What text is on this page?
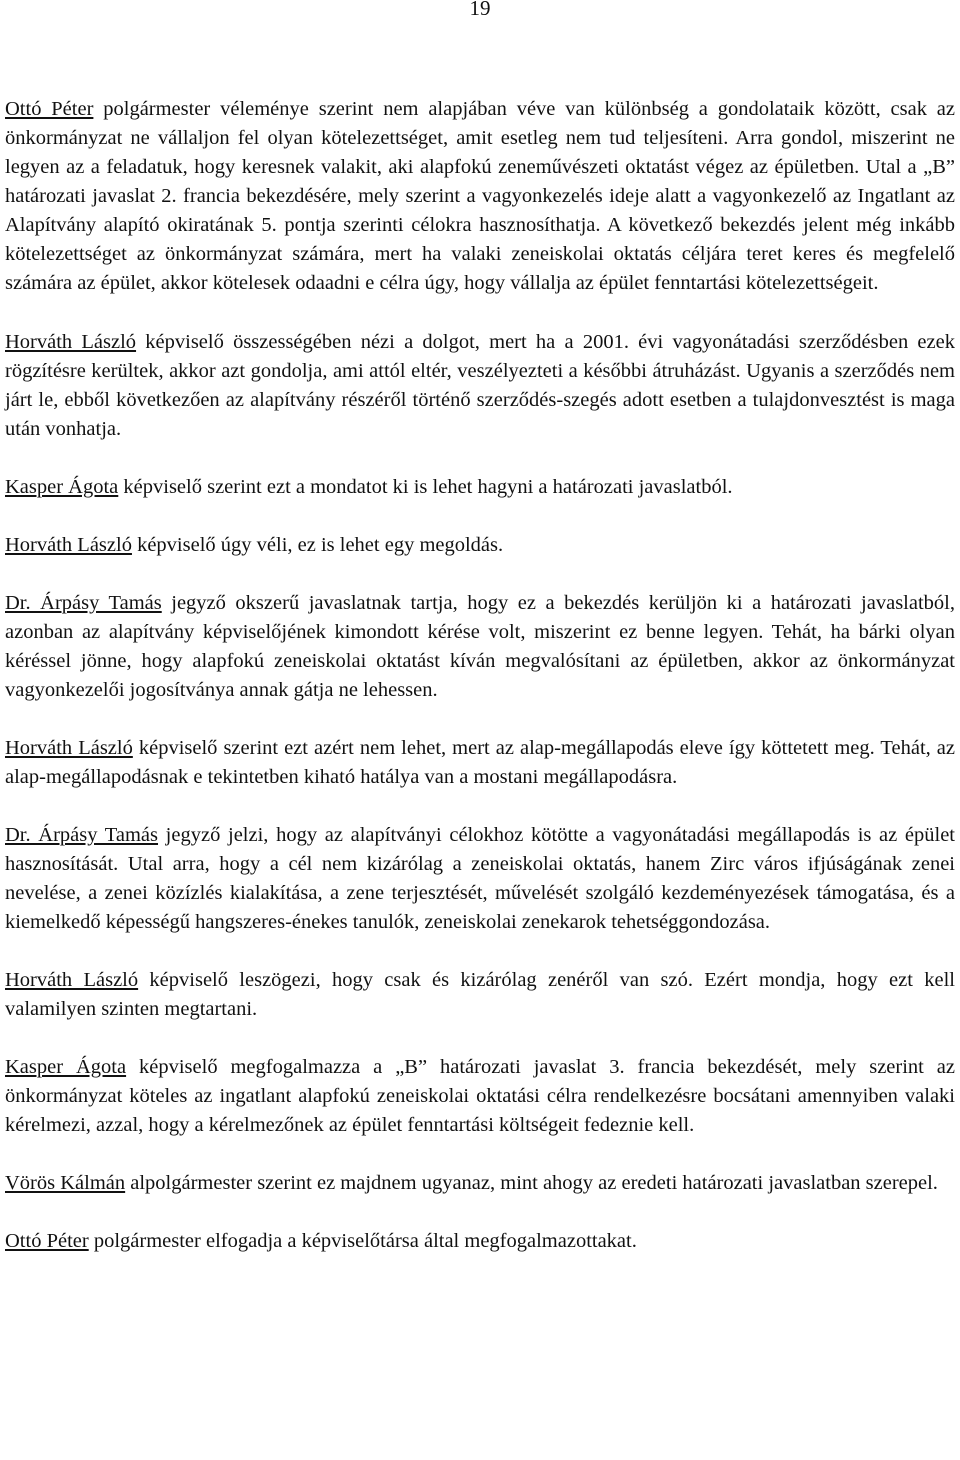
19

Ottó Péter polgármester véleménye szerint nem alapjában véve van különbség a gondolataik között, csak az önkormányzat ne vállaljon fel olyan kötelezettséget, amit esetleg nem tud teljesíteni. Arra gondol, miszerint ne legyen az a feladatuk, hogy keresnek valakit, aki alapfokú zeneművészeti oktatást végez az épületben. Utal a „B” határozati javaslat 2. francia bekezdésére, mely szerint a vagyonkezelés ideje alatt a vagyonkezelő az Ingatlant az Alapítvány alapító okiratának 5. pontja szerinti célokra hasznosíthatja. A következő bekezdés jelent még inkább kötelezettséget az önkormányzat számára, mert ha valaki zeneiskolai oktatás céljára teret keres és megfelelő számára az épület, akkor kötelesek odaadni e célra úgy, hogy vállalja az épület fenntartási kötelezettségeit.

Horváth László képviselő összességében nézi a dolgot, mert ha a 2001. évi vagyonátadási szerződésben ezek rögzítésre kerültek, akkor azt gondolja, ami attól eltér, veszélyezteti a későbbi átruházást. Ugyanis a szerződés nem járt le, ebből következően az alapítvány részéről történő szerződés-szegés adott esetben a tulajdonvesztést is maga után vonhatja.

Kasper Ágota képviselő szerint ezt a mondatot ki is lehet hagyni a határozati javaslatból.

Horváth László képviselő úgy véli, ez is lehet egy megoldás.

Dr. Árpásy Tamás jegyző okszerű javaslatnak tartja, hogy ez a bekezdés kerüljön ki a határozati javaslatból, azonban az alapítvány képviselőjének kimondott kérése volt, miszerint ez benne legyen. Tehát, ha bárki olyan kéréssel jönne, hogy alapfokú zeneiskolai oktatást kíván megvalósítani az épületben, akkor az önkormányzat vagyonkezelői jogosítványa annak gátja ne lehessen.

Horváth László képviselő szerint ezt azért nem lehet, mert az alap-megállapodás eleve így köttetett meg. Tehát, az alap-megállapodásnak e tekintetben kiható hatálya van a mostani megállapodásra.

Dr. Árpásy Tamás jegyző jelzi, hogy az alapítványi célokhoz kötötte a vagyonátadási megállapodás is az épület hasznosítását. Utal arra, hogy a cél nem kizárólag a zeneiskolai oktatás, hanem Zirc város ifjúságának zenei nevelése, a zenei közízlés kialakítása, a zene terjesztését, művelését szolgáló kezdeményezések támogatása, és a kiemelkedő képességű hangszeres-énekes tanulók, zeneiskolai zenekarok tehetséggondozása.

Horváth László képviselő leszögezi, hogy csak és kizárólag zenéről van szó. Ezért mondja, hogy ezt kell valamilyen szinten megtartani.

Kasper Ágota képviselő megfogalmazza a „B” határozati javaslat 3. francia bekezdését, mely szerint az önkormányzat köteles az ingatlant alapfokú zeneiskolai oktatási célra rendelkezésre bocsátani amennyiben valaki kérelmezi, azzal, hogy a kérelmezőnek az épület fenntartási költségeit fedeznie kell.

Vörös Kálmán alpolgármester szerint ez majdnem ugyanaz, mint ahogy az eredeti határozati javaslatban szerepel.

Ottó Péter polgármester elfogadja a képviselőtársa által megfogalmazottakat.
